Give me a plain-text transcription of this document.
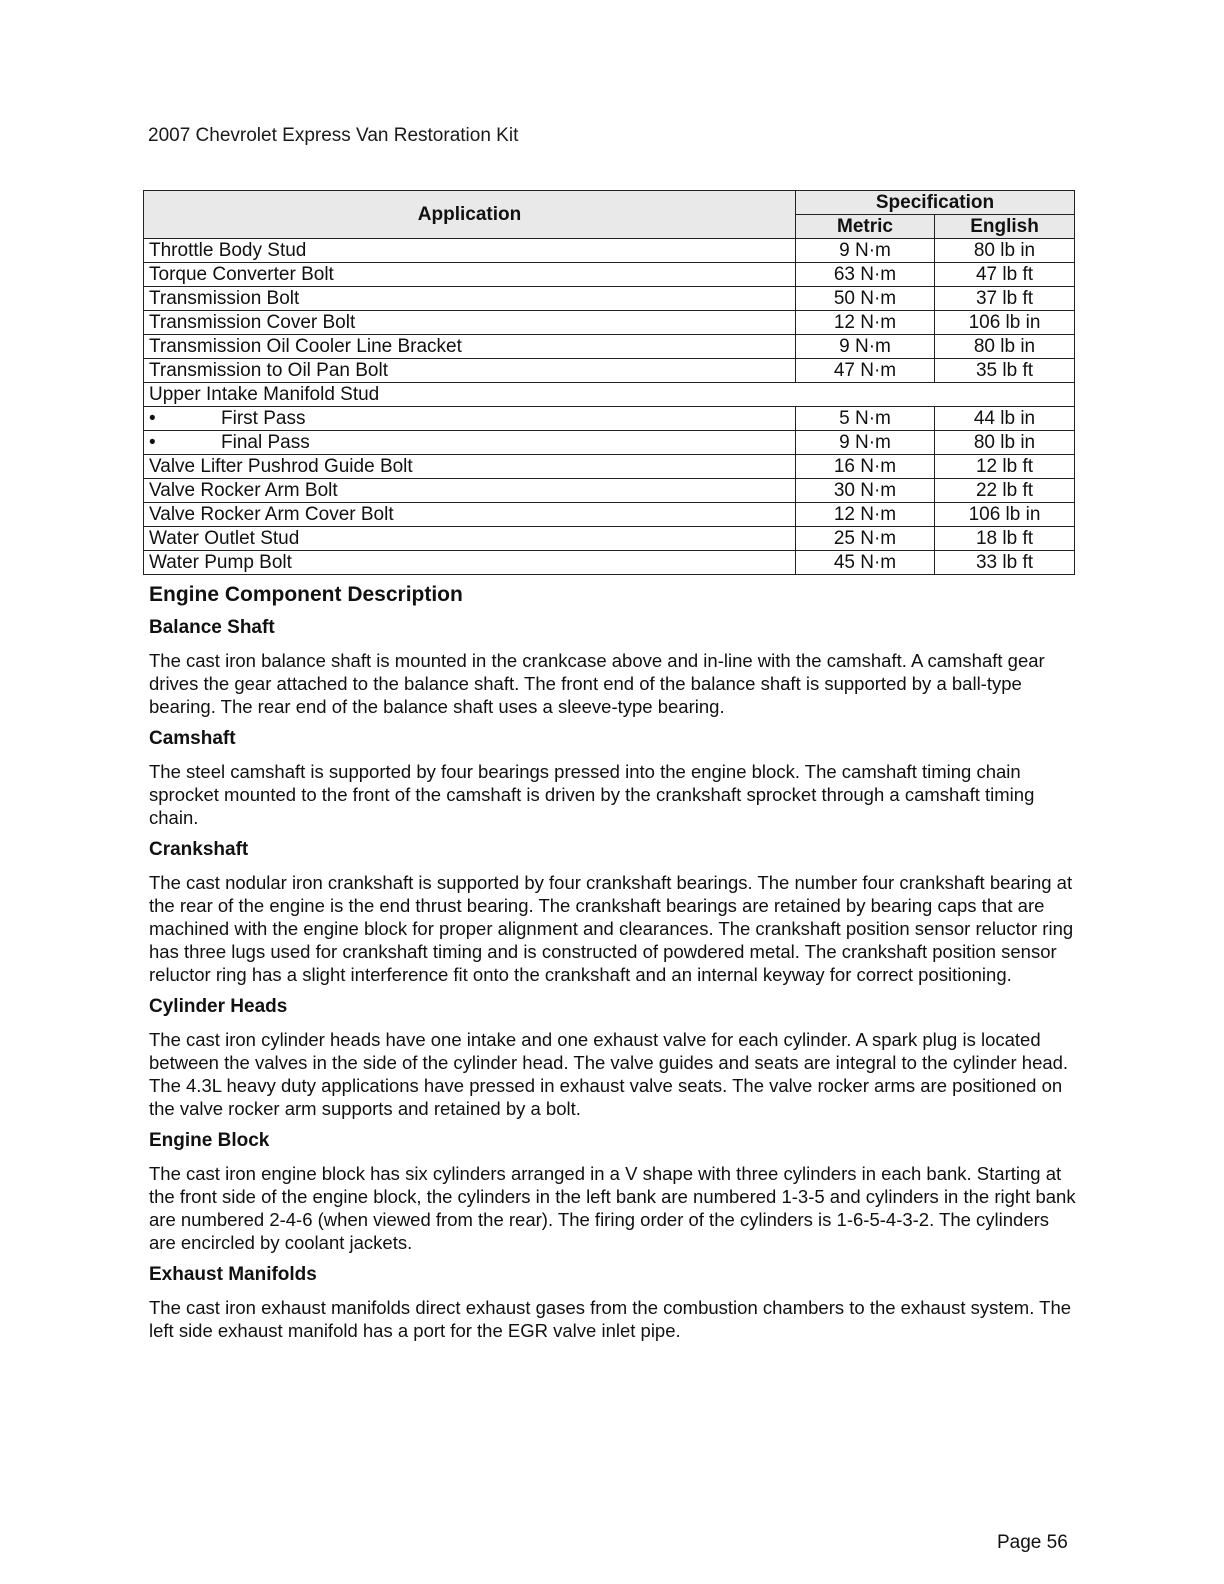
2007 Chevrolet Express Van Restoration Kit
Application	Specification	
	Metric	English
Throttle Body Stud	9 N·m	80 lb in
Torque Converter Bolt	63 N·m	47 lb ft
Transmission Bolt	50 N·m	37 lb ft
Transmission Cover Bolt	12 N·m	106 lb in
Transmission Oil Cooler Line Bracket	9 N·m	80 lb in
Transmission to Oil Pan Bolt	47 N·m	35 lb ft
Upper Intake Manifold Stud		
• First Pass	5 N·m	44 lb in
• Final Pass	9 N·m	80 lb in
Valve Lifter Pushrod Guide Bolt	16 N·m	12 lb ft
Valve Rocker Arm Bolt	30 N·m	22 lb ft
Valve Rocker Arm Cover Bolt	12 N·m	106 lb in
Water Outlet Stud	25 N·m	18 lb ft
Water Pump Bolt	45 N·m	33 lb ft
Engine Component Description
Balance Shaft
The cast iron balance shaft is mounted in the crankcase above and in-line with the camshaft. A camshaft gear drives the gear attached to the balance shaft. The front end of the balance shaft is supported by a ball-type bearing. The rear end of the balance shaft uses a sleeve-type bearing.
Camshaft
The steel camshaft is supported by four bearings pressed into the engine block. The camshaft timing chain sprocket mounted to the front of the camshaft is driven by the crankshaft sprocket through a camshaft timing chain.
Crankshaft
The cast nodular iron crankshaft is supported by four crankshaft bearings. The number four crankshaft bearing at the rear of the engine is the end thrust bearing. The crankshaft bearings are retained by bearing caps that are machined with the engine block for proper alignment and clearances. The crankshaft position sensor reluctor ring has three lugs used for crankshaft timing and is constructed of powdered metal. The crankshaft position sensor reluctor ring has a slight interference fit onto the crankshaft and an internal keyway for correct positioning.
Cylinder Heads
The cast iron cylinder heads have one intake and one exhaust valve for each cylinder. A spark plug is located between the valves in the side of the cylinder head. The valve guides and seats are integral to the cylinder head. The 4.3L heavy duty applications have pressed in exhaust valve seats. The valve rocker arms are positioned on the valve rocker arm supports and retained by a bolt.
Engine Block
The cast iron engine block has six cylinders arranged in a V shape with three cylinders in each bank. Starting at the front side of the engine block, the cylinders in the left bank are numbered 1-3-5 and cylinders in the right bank are numbered 2-4-6 (when viewed from the rear). The firing order of the cylinders is 1-6-5-4-3-2. The cylinders are encircled by coolant jackets.
Exhaust Manifolds
The cast iron exhaust manifolds direct exhaust gases from the combustion chambers to the exhaust system. The left side exhaust manifold has a port for the EGR valve inlet pipe.
Page 56
